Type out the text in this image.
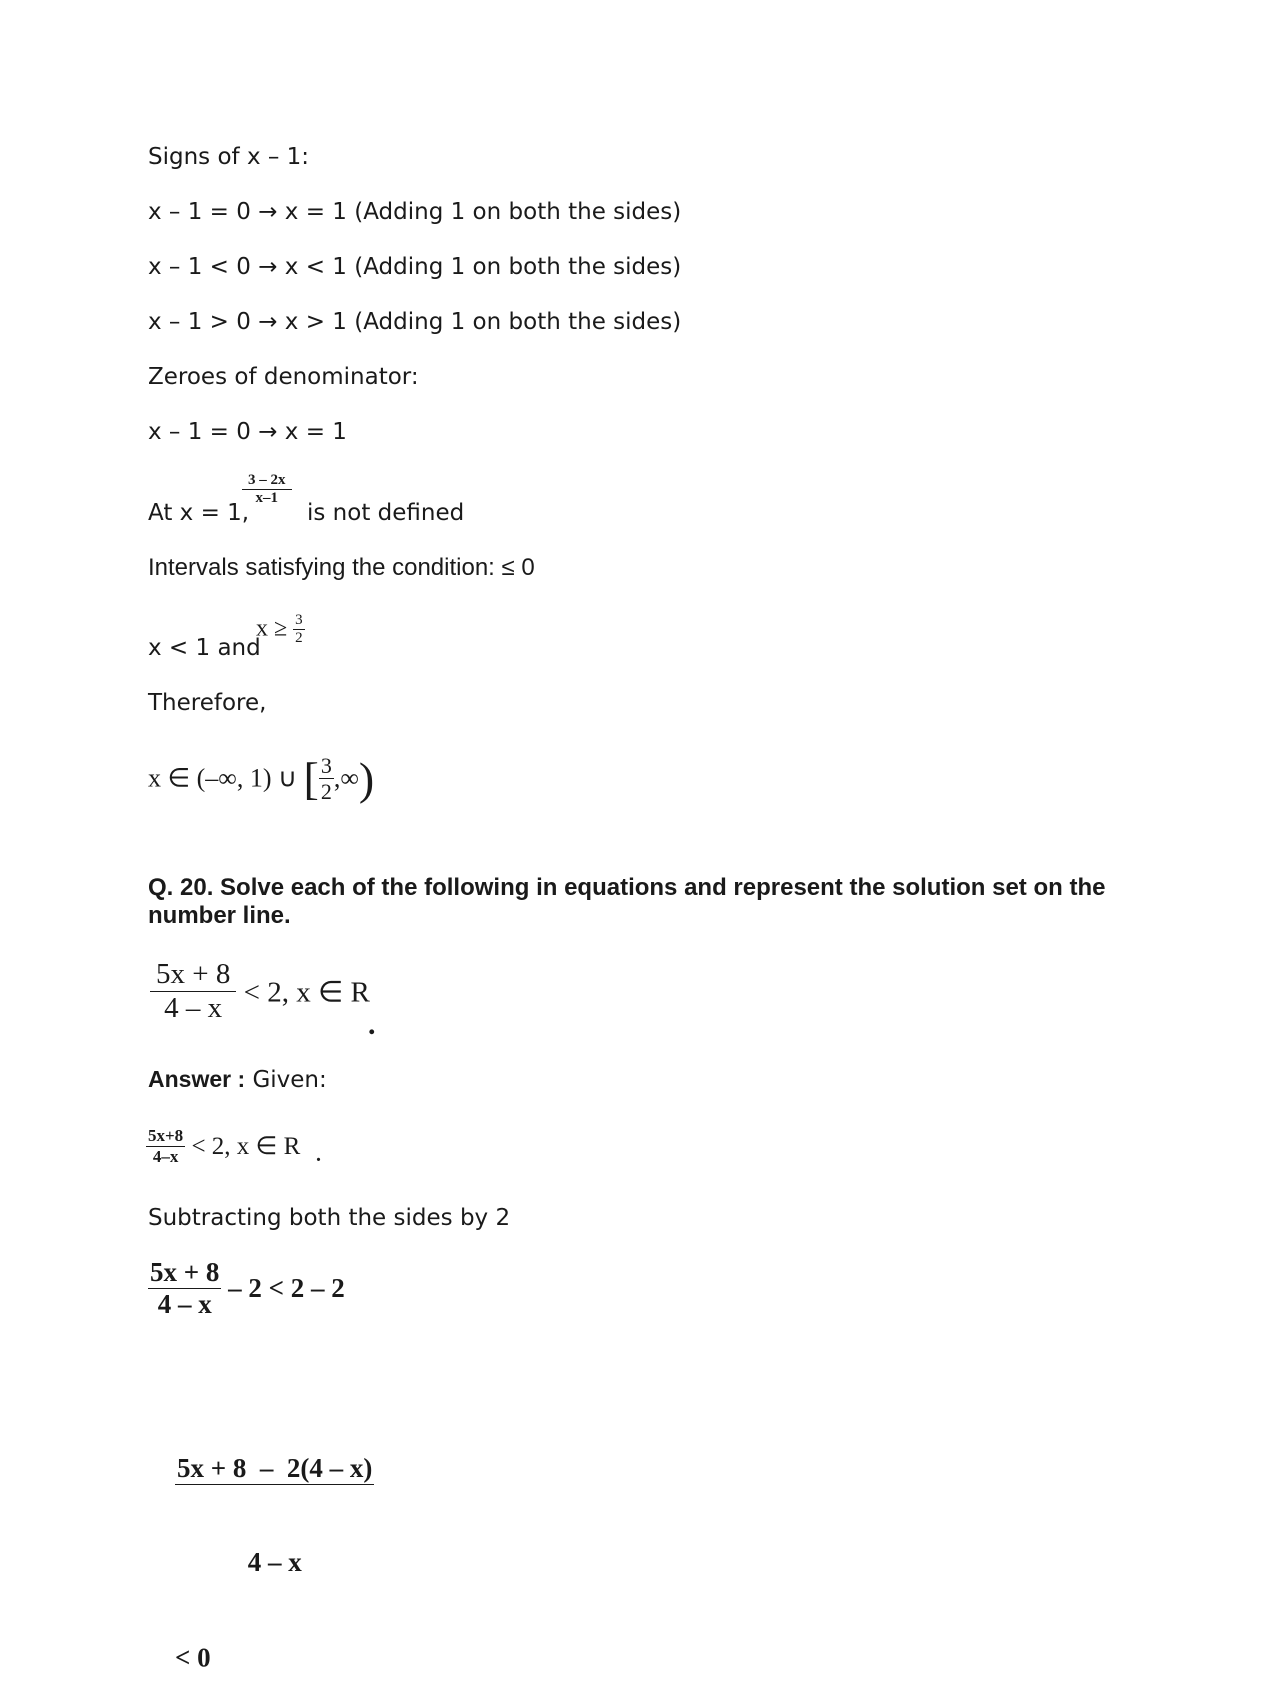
Signs of x – 1:
x – 1 = 0 → x = 1 (Adding 1 on both the sides)
x – 1 < 0 → x < 1 (Adding 1 on both the sides)
x – 1 > 0 → x > 1 (Adding 1 on both the sides)
Zeroes of denominator:
x – 1 = 0 → x = 1
At x = 1,
$\frac{3 - 2x}{x-1}$
is not defined
Intervals satisfying the condition: ≤ 0
x < 1 and
$x \ge \frac{3}{2}$
Therefore,
x ∈ (–∞, 1) ∪ [ $\frac{3}{2}$ ,∞)
Q. 20. Solve each of the following in equations and represent the solution set on the number line.
$\frac{5x + 8}{4 - x} < 2$, x ∈ R
.
Answer : Given:
$\frac{5x+8}{4-x} < 2$, x ∈ R .
Subtracting both the sides by 2
$\frac{5x + 8}{4 - x} - 2 < 2 - 2$

$\frac{5x + 8 - 2(4 - x)}{4 - x}$

< 0
